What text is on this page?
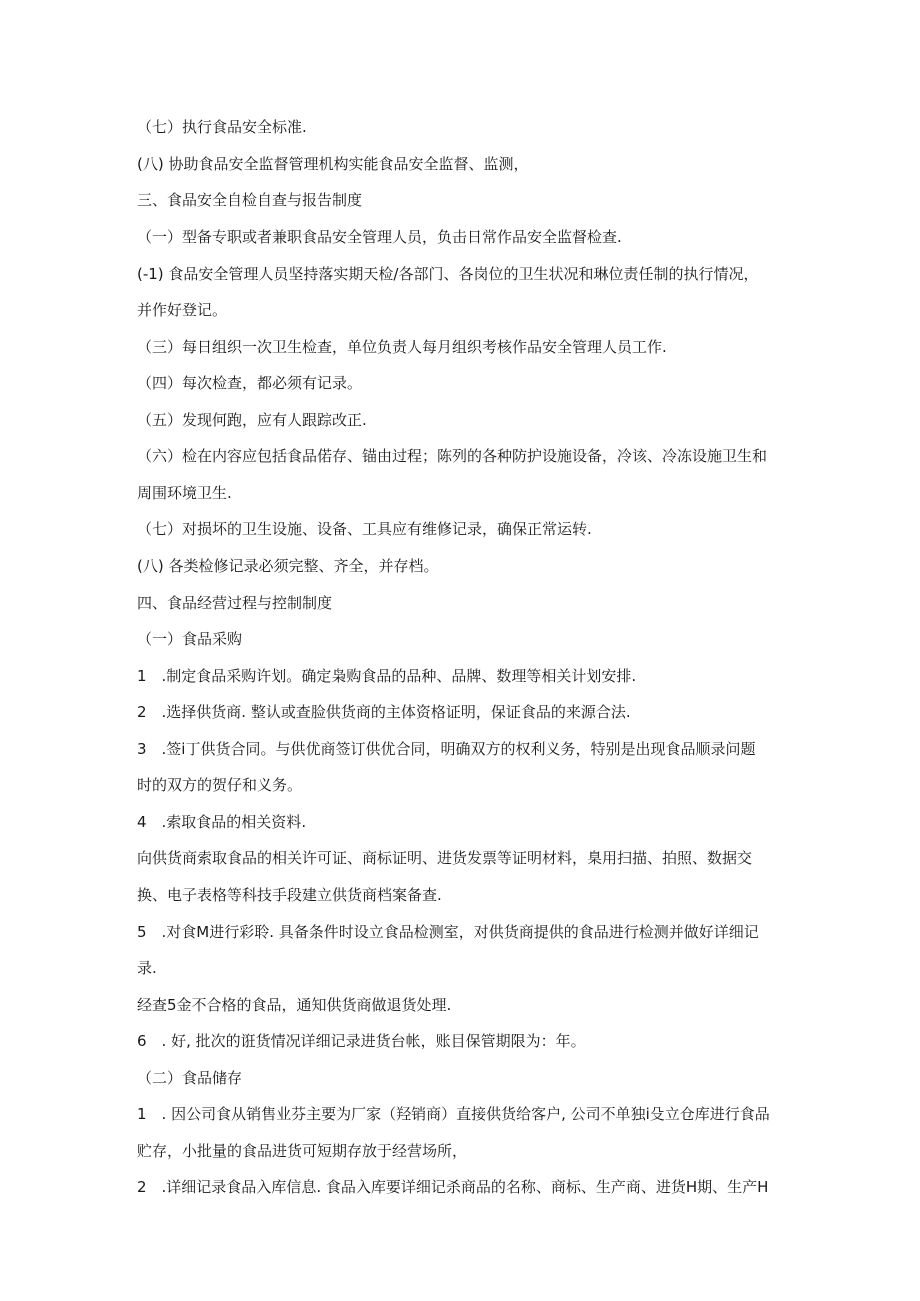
（七）执行食品安全标准.
(八) 协助食品安全监督管理机构实能食品安全监督、监测，
三、食品安全自检自查与报告制度
（一）型备专职或者兼职食品安全管理人员，负击日常作品安全监督检查.
(-1) 食品安全管理人员坚持落实期天检/各部门、各岗位的卫生状况和琳位责任制的执行情况，
并作好登记。
（三）每日组织一次卫生检查，单位负责人每月组织考核作品安全管理人员工作.
（四）每次检查，都必须有记录。
（五）发现何跑，应有人跟踪改正.
（六）检在内容应包括食品偌存、锚由过程；陈列的各种防护设施设备，冷该、冷冻设施卫生和
周围环境卫生.
（七）对损坏的卫生设施、设备、工具应有维修记录，确保正常运转.
(八) 各类检修记录必须完整、齐全，并存档。
四、食品经营过程与控制制度
（一）食品采购
1　.制定食品采购许划。确定枭购食品的品种、品牌、数理等相关计划安排.
2　.选择供货商. 整认或查脸供货商的主体资格证明，保证食品的来源合法.
3　.签i丁供货合同。与供优商签订供优合同，明确双方的权利义务，特别是出现食品顺录问题
时的双方的贺仔和义务。
4　.索取食品的相关资料.
向供货商索取食品的相关许可证、商标证明、进货发票等证明材料，臬用扫描、拍照、数据交
换、电子表格等科技手段建立供货商档案备查.
5　.对食M进行彩聆. 具备条件时设立食品检测室，对供货商提供的食品进行检测并做好详细记
录.
经查5金不合格的食品，通知供货商做退货处理.
6　. 好, 批次的诳货情况详细记录进货台帐，账目保管期限为：年。
（二）食品储存
1　. 因公司食从销售业芬主要为厂家（羟销商）直接供货给客户, 公司不单独i殳立仓库进行食品
贮存，小批量的食品进货可短期存放于经营场所，
2　.详细记录食品入库信息. 食品入库要详细记杀商品的名称、商标、生产商、进货H期、生产H
